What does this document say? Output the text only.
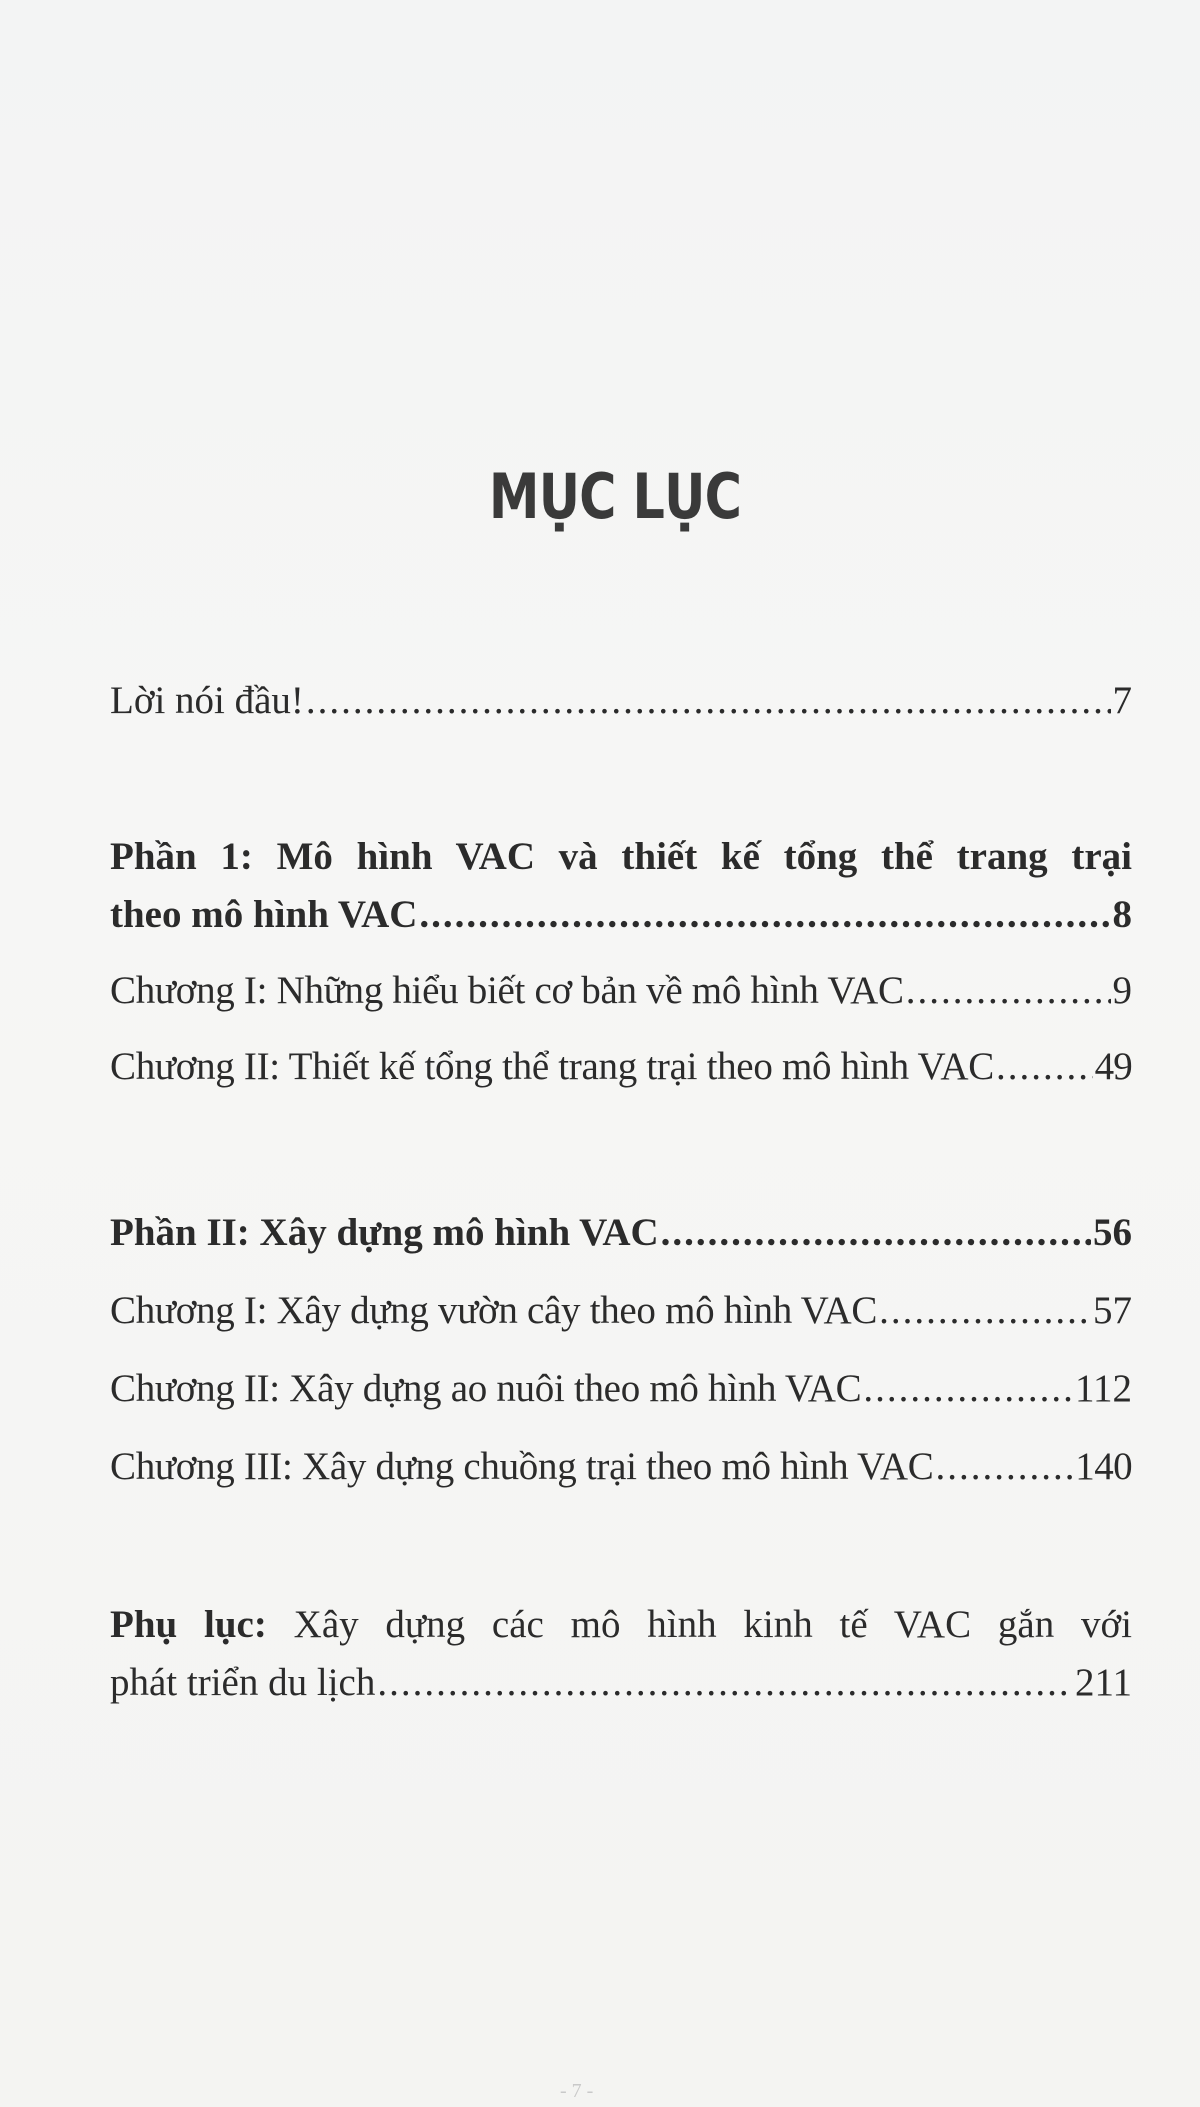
MỤC LỤC
Lời nói đầu! .....	7
Phần 1: Mô hình VAC và thiết kế tổng thể trang trại
theo mô hình VAC .....	8
Chương I: Những hiểu biết cơ bản về mô hình VAC .....	9
Chương II: Thiết kế tổng thể trang trại theo mô hình VAC .....	49
Phần II: Xây dựng mô hình VAC .....	56
Chương I: Xây dựng vườn cây theo mô hình VAC .....	57
Chương II: Xây dựng ao nuôi theo mô hình VAC .....	112
Chương III: Xây dựng chuồng trại theo mô hình VAC .....	140
Phụ lục: Xây dựng các mô hình kinh tế VAC gắn với
phát triển du lịch .....	211
- 7 -
